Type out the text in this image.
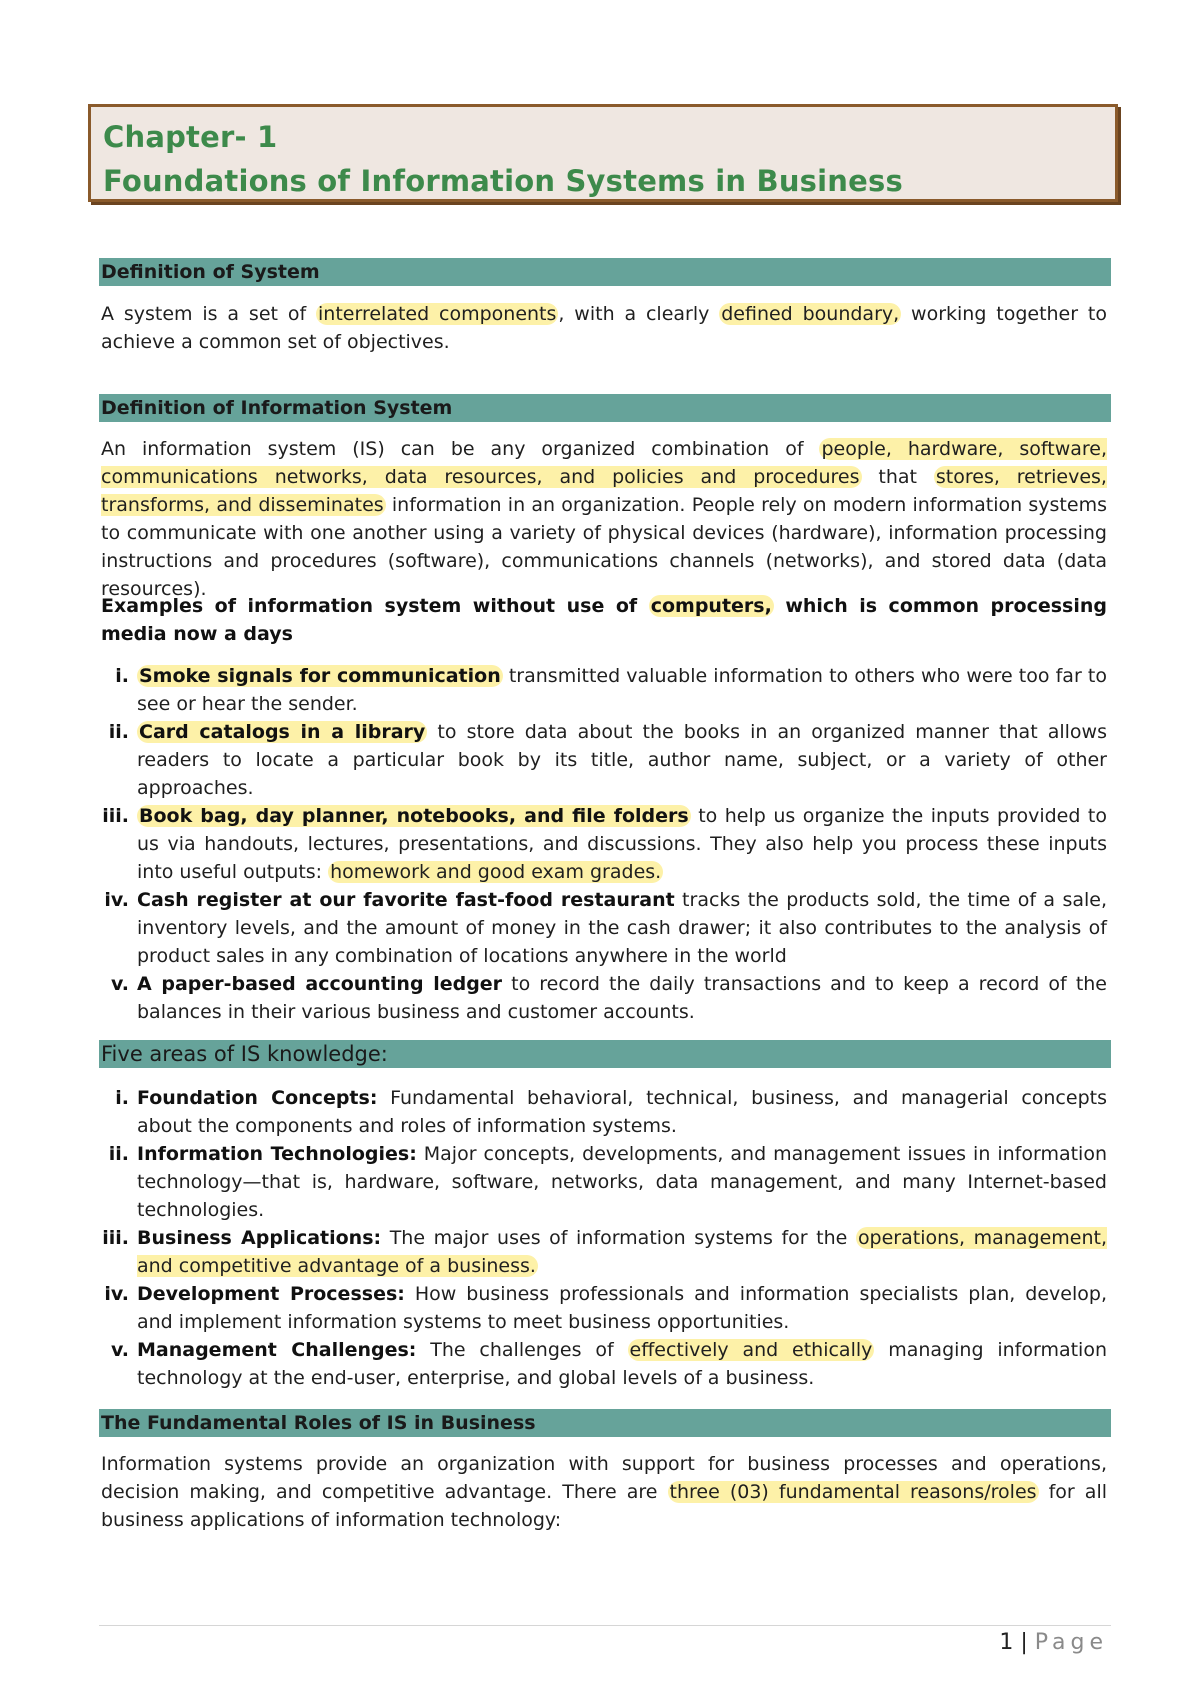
Chapter- 1
Foundations of Information Systems in Business
Definition of System
A system is a set of interrelated components , with a clearly defined boundary, working together to achieve a common set of objectives.
Definition of Information System
An information system (IS) can be any organized combination of people, hardware, software, communications networks, data resources, and policies and procedures that stores, retrieves, transforms, and disseminates information in an organization. People rely on modern information systems to communicate with one another using a variety of physical devices (hardware), information processing instructions and procedures (software), communications channels (networks), and stored data (data resources).
Examples of information system without use of computers, which is common processing media now a days
i. Smoke signals for communication transmitted valuable information to others who were too far to see or hear the sender.
ii. Card catalogs in a library to store data about the books in an organized manner that allows readers to locate a particular book by its title, author name, subject, or a variety of other approaches.
iii. Book bag, day planner, notebooks, and file folders to help us organize the inputs provided to us via handouts, lectures, presentations, and discussions. They also help you process these inputs into useful outputs: homework and good exam grades.
iv. Cash register at our favorite fast-food restaurant tracks the products sold, the time of a sale, inventory levels, and the amount of money in the cash drawer; it also contributes to the analysis of product sales in any combination of locations anywhere in the world
v. A paper-based accounting ledger to record the daily transactions and to keep a record of the balances in their various business and customer accounts.
Five areas of IS knowledge:
i. Foundation Concepts: Fundamental behavioral, technical, business, and managerial concepts about the components and roles of information systems.
ii. Information Technologies: Major concepts, developments, and management issues in information technology—that is, hardware, software, networks, data management, and many Internet-based technologies.
iii. Business Applications: The major uses of information systems for the operations, management, and competitive advantage of a business.
iv. Development Processes: How business professionals and information specialists plan, develop, and implement information systems to meet business opportunities.
v. Management Challenges: The challenges of effectively and ethically managing information technology at the end-user, enterprise, and global levels of a business.
The Fundamental Roles of IS in Business
Information systems provide an organization with support for business processes and operations, decision making, and competitive advantage. There are three (03) fundamental reasons/roles for all business applications of information technology:
1 | Page
